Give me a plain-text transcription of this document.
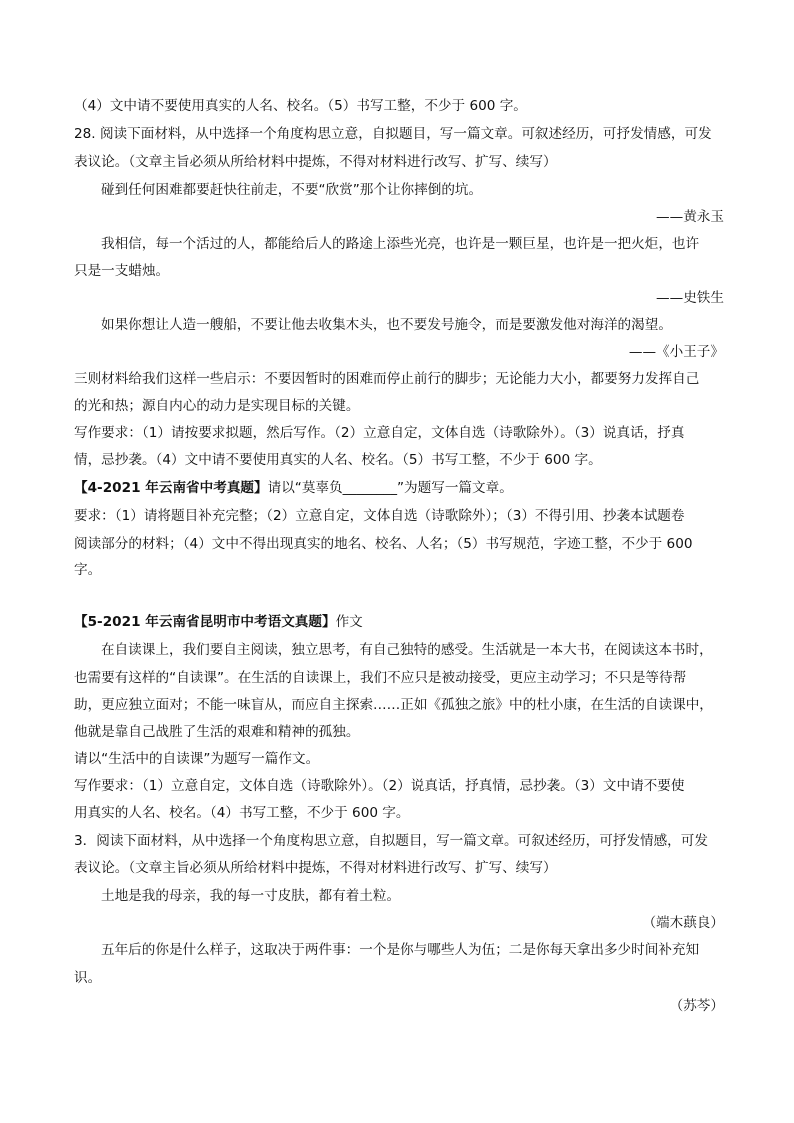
（4）文中请不要使用真实的人名、校名。（5）书写工整，不少于 600 字。
28. 阅读下面材料，从中选择一个角度构思立意，自拟题目，写一篇文章。可叙述经历，可抒发情感，可发
表议论。（文章主旨必须从所给材料中提炼，不得对材料进行改写、扩写、续写）
碰到任何困难都要赶快往前走，不要“欣赏”那个让你摔倒的坑。
——黄永玉
我相信，每一个活过的人，都能给后人的路途上添些光亮，也许是一颗巨星，也许是一把火炬，也许
只是一支蜡烛。
——史铁生
如果你想让人造一艘船，不要让他去收集木头，也不要发号施令，而是要激发他对海洋的渴望。
——《小王子》
三则材料给我们这样一些启示：不要因暂时的困难而停止前行的脚步；无论能力大小，都要努力发挥自己
的光和热；源自内心的动力是实现目标的关键。
写作要求：（1）请按要求拟题，然后写作。（2）立意自定，文体自选（诗歌除外）。（3）说真话，抒真
情，忌抄袭。（4）文中请不要使用真实的人名、校名。（5）书写工整，不少于 600 字。
【4-2021 年云南省中考真题】请以“莫辜负________”为题写一篇文章。
要求：（1）请将题目补充完整；（2）立意自定，文体自选（诗歌除外）；（3）不得引用、抄袭本试题卷
阅读部分的材料；（4）文中不得出现真实的地名、校名、人名；（5）书写规范，字迹工整，不少于 600
字。
【5-2021 年云南省昆明市中考语文真题】作文
在自读课上，我们要自主阅读，独立思考，有自己独特的感受。生活就是一本大书，在阅读这本书时，
也需要有这样的“自读课”。在生活的自读课上，我们不应只是被动接受，更应主动学习；不只是等待帮
助，更应独立面对；不能一味盲从，而应自主探索……正如《孤独之旅》中的杜小康，在生活的自读课中，
他就是靠自己战胜了生活的艰难和精神的孤独。
请以“生活中的自读课”为题写一篇作文。
写作要求：（1）立意自定，文体自选（诗歌除外）。（2）说真话，抒真情，忌抄袭。（3）文中请不要使
用真实的人名、校名。（4）书写工整，不少于 600 字。
3．阅读下面材料，从中选择一个角度构思立意，自拟题目，写一篇文章。可叙述经历，可抒发情感，可发
表议论。（文章主旨必须从所给材料中提炼，不得对材料进行改写、扩写、续写）
土地是我的母亲，我的每一寸皮肤，都有着土粒。
（端木蕻良）
五年后的你是什么样子，这取决于两件事：一个是你与哪些人为伍；二是你每天拿出多少时间补充知
识。
（苏芩）
